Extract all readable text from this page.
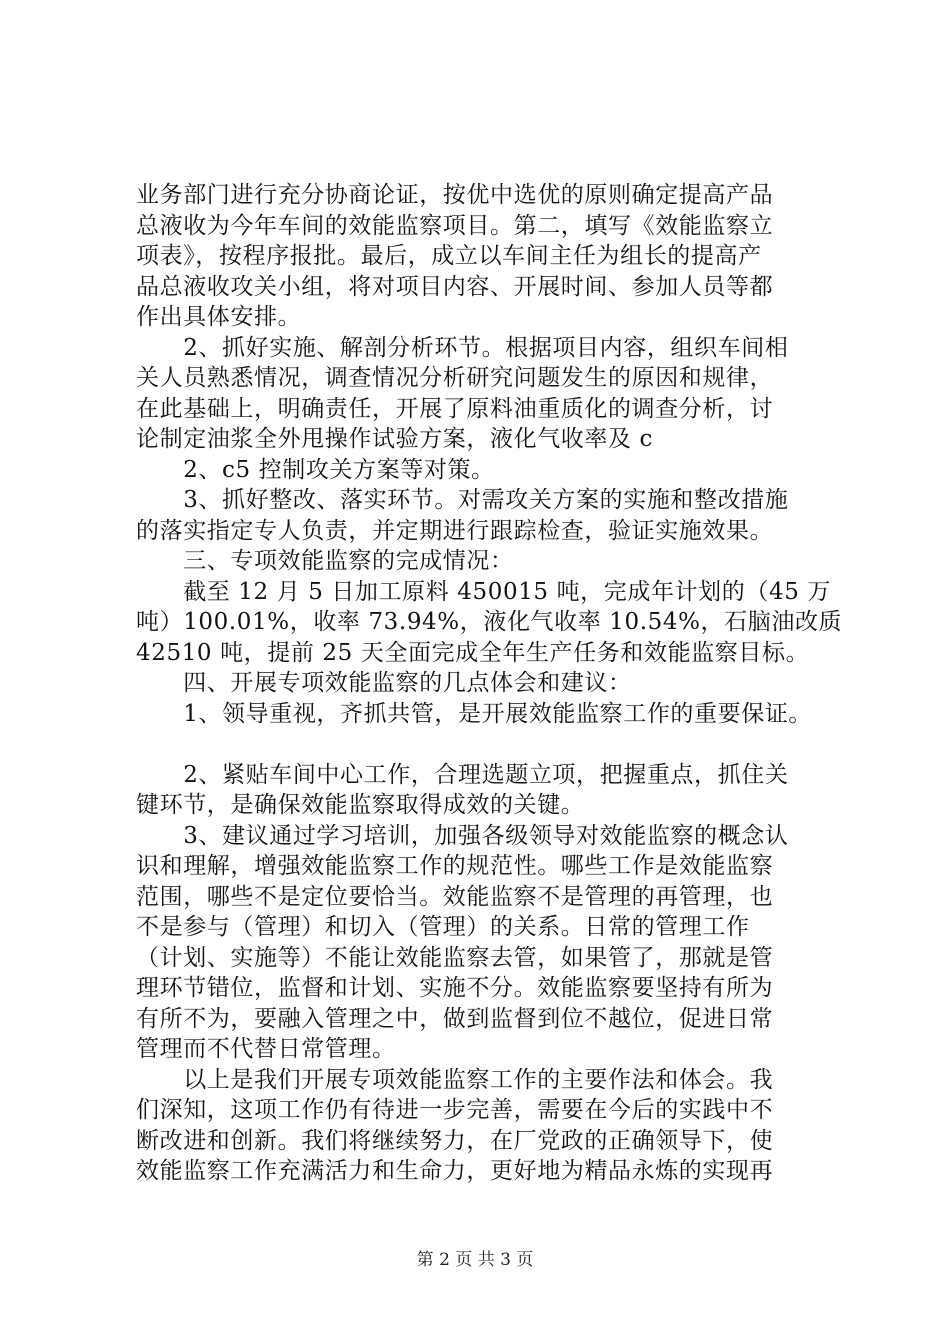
业务部门进行充分协商论证，按优中选优的原则确定提高产品
总液收为今年车间的效能监察项目。第二，填写《效能监察立
项表》，按程序报批。最后，成立以车间主任为组长的提高产
品总液收攻关小组，将对项目内容、开展时间、参加人员等都
作出具体安排。
　　2、抓好实施、解剖分析环节。根据项目内容，组织车间相
关人员熟悉情况，调查情况分析研究问题发生的原因和规律，
在此基础上，明确责任，开展了原料油重质化的调查分析，讨
论制定油浆全外甩操作试验方案，液化气收率及 c
　　2、c5 控制攻关方案等对策。
　　3、抓好整改、落实环节。对需攻关方案的实施和整改措施
的落实指定专人负责，并定期进行跟踪检查，验证实施效果。
　　三、专项效能监察的完成情况：
　　截至 12 月 5 日加工原料 450015 吨，完成年计划的（45 万
吨）100.01%，收率 73.94%，液化气收率 10.54%，石脑油改质
42510 吨，提前 25 天全面完成全年生产任务和效能监察目标。
　　四、开展专项效能监察的几点体会和建议：
　　1、领导重视，齐抓共管，是开展效能监察工作的重要保证。
　　2、紧贴车间中心工作，合理选题立项，把握重点，抓住关
键环节，是确保效能监察取得成效的关键。
　　3、建议通过学习培训，加强各级领导对效能监察的概念认
识和理解，增强效能监察工作的规范性。哪些工作是效能监察
范围，哪些不是定位要恰当。效能监察不是管理的再管理，也
不是参与（管理）和切入（管理）的关系。日常的管理工作
（计划、实施等）不能让效能监察去管，如果管了，那就是管
理环节错位，监督和计划、实施不分。效能监察要坚持有所为
有所不为，要融入管理之中，做到监督到位不越位，促进日常
管理而不代替日常管理。
　　以上是我们开展专项效能监察工作的主要作法和体会。我
们深知，这项工作仍有待进一步完善，需要在今后的实践中不
断改进和创新。我们将继续努力，在厂党政的正确领导下，使
效能监察工作充满活力和生命力，更好地为精品永炼的实现再
第 2 页 共 3 页
